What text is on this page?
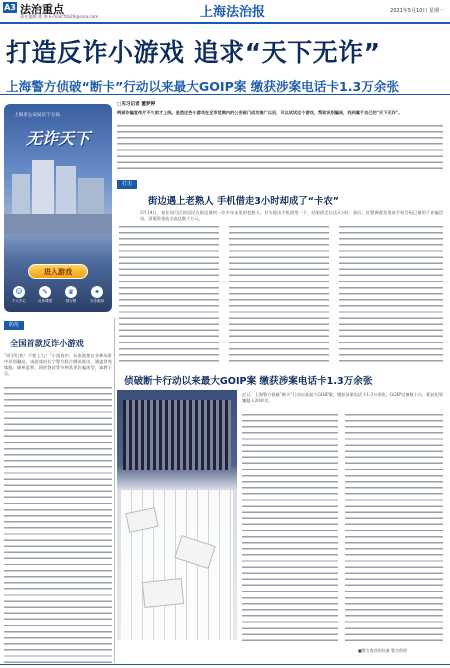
A3 法治重点
责任编辑 陈 烨 E-mail:fzb26@sina.com	上海法治报	2021年5月10日 星期一
打造反诈小游戏 追求“天下无诈”
上海警方侦破“断卡”行动以来最大GOIP案 缴获涉案电话卡1.3万余张
□见习记者 董梦婷
两部诈骗宣传片不久前才上线。虽然这些小游戏在全市范围内的公安部门成功推广以后，可以试试这个游戏，帮助识别骗局，找到属于自己的“天下无诈”。
上海市公安局长宁分局
无诈天下
进入游戏
☺
个人中心
✎
反诈课堂
♛
排行榜
✦
分享游戏
打击
街边遇上老熟人 手机借走3小时却成了“卡农”
3月14日，家住闵行区的居民在街边遇到一位多年未见的老熟人。对方提出手机借用一下，结果借走长达3小时。事后，民警调查发现该手机号码已被用于诈骗活动，涉案资金流水高达数十万元。
防范
全国首款反诈小游戏
“同学们快！不要上当！”小游戏中，玩家需要在各种场景中识别骗局。该游戏由长宁警方联合腾讯推出，涵盖冒充客服、刷单返利、网络贷款等多种常见诈骗类型，寓教于乐。
侦破断卡行动以来最大GOIP案 缴获涉案电话卡1.3万余张
近日，上海警方侦破“断卡”行动以来最大GOIP案，缴获涉案电话卡1.3万余张，GOIP设备数十台，抓获犯罪嫌疑人20余名。
■警方查获的设备 警方供图
